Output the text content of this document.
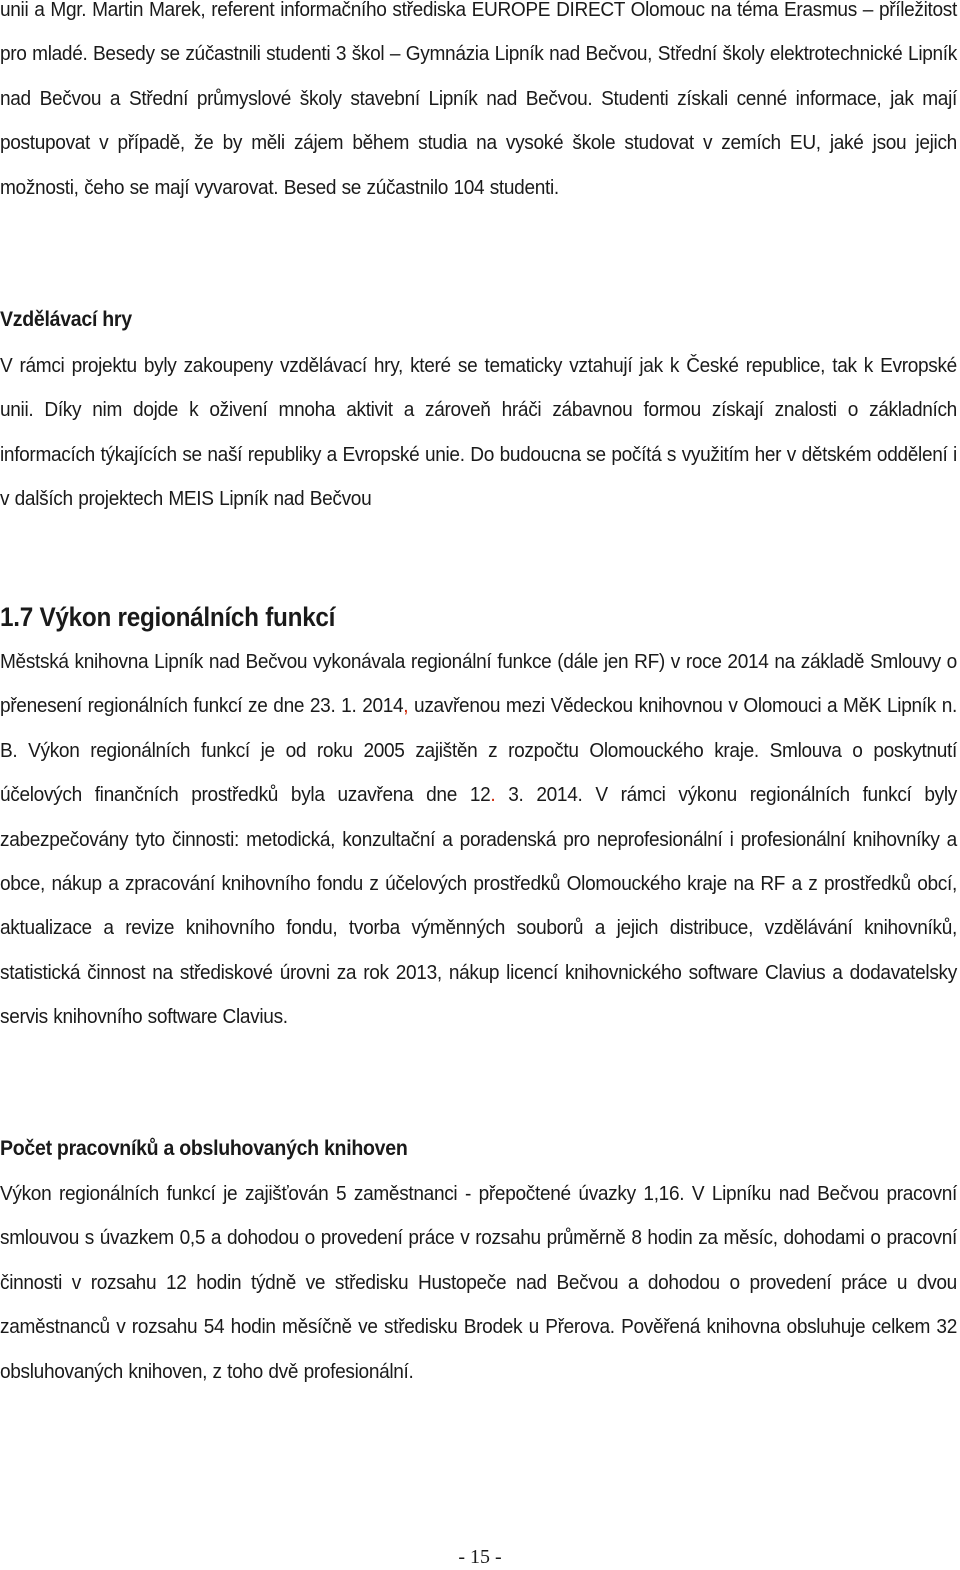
unii a Mgr. Martin Marek, referent informačního střediska EUROPE DIRECT Olomouc na téma Erasmus – příležitost pro mladé. Besedy se zúčastnili studenti 3 škol – Gymnázia Lipník nad Bečvou, Střední školy elektrotechnické Lipník nad Bečvou a Střední průmyslové školy stavební Lipník nad Bečvou. Studenti získali cenné informace, jak mají postupovat v případě, že by měli zájem během studia na vysoké škole studovat v zemích EU, jaké jsou jejich možnosti, čeho se mají vyvarovat. Besed se zúčastnilo 104 studenti.

Vzdělávací hry

V rámci projektu byly zakoupeny vzdělávací hry, které se tematicky vztahují jak k České republice, tak k Evropské unii. Díky nim dojde k oživení mnoha aktivit a zároveň hráči zábavnou formou získají znalosti o základních informacích týkajících se naší republiky a Evropské unie. Do budoucna se počítá s využitím her v dětském oddělení i v dalších projektech MEIS Lipník nad Bečvou

1.7 Výkon regionálních funkcí

Městská knihovna Lipník nad Bečvou vykonávala regionální funkce (dále jen RF) v roce 2014 na základě Smlouvy o přenesení regionálních funkcí ze dne 23. 1. 2014, uzavřenou mezi Vědeckou knihovnou v Olomouci a MěK Lipník n. B. Výkon regionálních funkcí je od roku 2005 zajištěn z rozpočtu Olomouckého kraje. Smlouva o poskytnutí účelových finančních prostředků byla uzavřena dne 12. 3. 2014. V rámci výkonu regionálních funkcí byly zabezpečovány tyto činnosti: metodická, konzultační a poradenská pro neprofesionální i profesionální knihovníky a obce, nákup a zpracování knihovního fondu z účelových prostředků Olomouckého kraje na RF a z prostředků obcí, aktualizace a revize knihovního fondu, tvorba výměnných souborů a jejich distribuce, vzdělávání knihovníků, statistická činnost na střediskové úrovni za rok 2013, nákup licencí knihovnického software Clavius a dodavatelsky servis knihovního software Clavius.

Počet pracovníků a obsluhovaných knihoven

Výkon regionálních funkcí je zajišťován 5 zaměstnanci - přepočtené úvazky 1,16. V Lipníku nad Bečvou pracovní smlouvou s úvazkem 0,5 a dohodou o provedení práce v rozsahu průměrně 8 hodin za měsíc, dohodami o pracovní činnosti v rozsahu 12 hodin týdně ve středisku Hustopeče nad Bečvou a dohodou o provedení práce u dvou zaměstnanců v rozsahu 54 hodin měsíčně ve středisku Brodek u Přerova. Pověřená knihovna obsluhuje celkem 32 obsluhovaných knihoven, z toho dvě profesionální.

- 15 -
